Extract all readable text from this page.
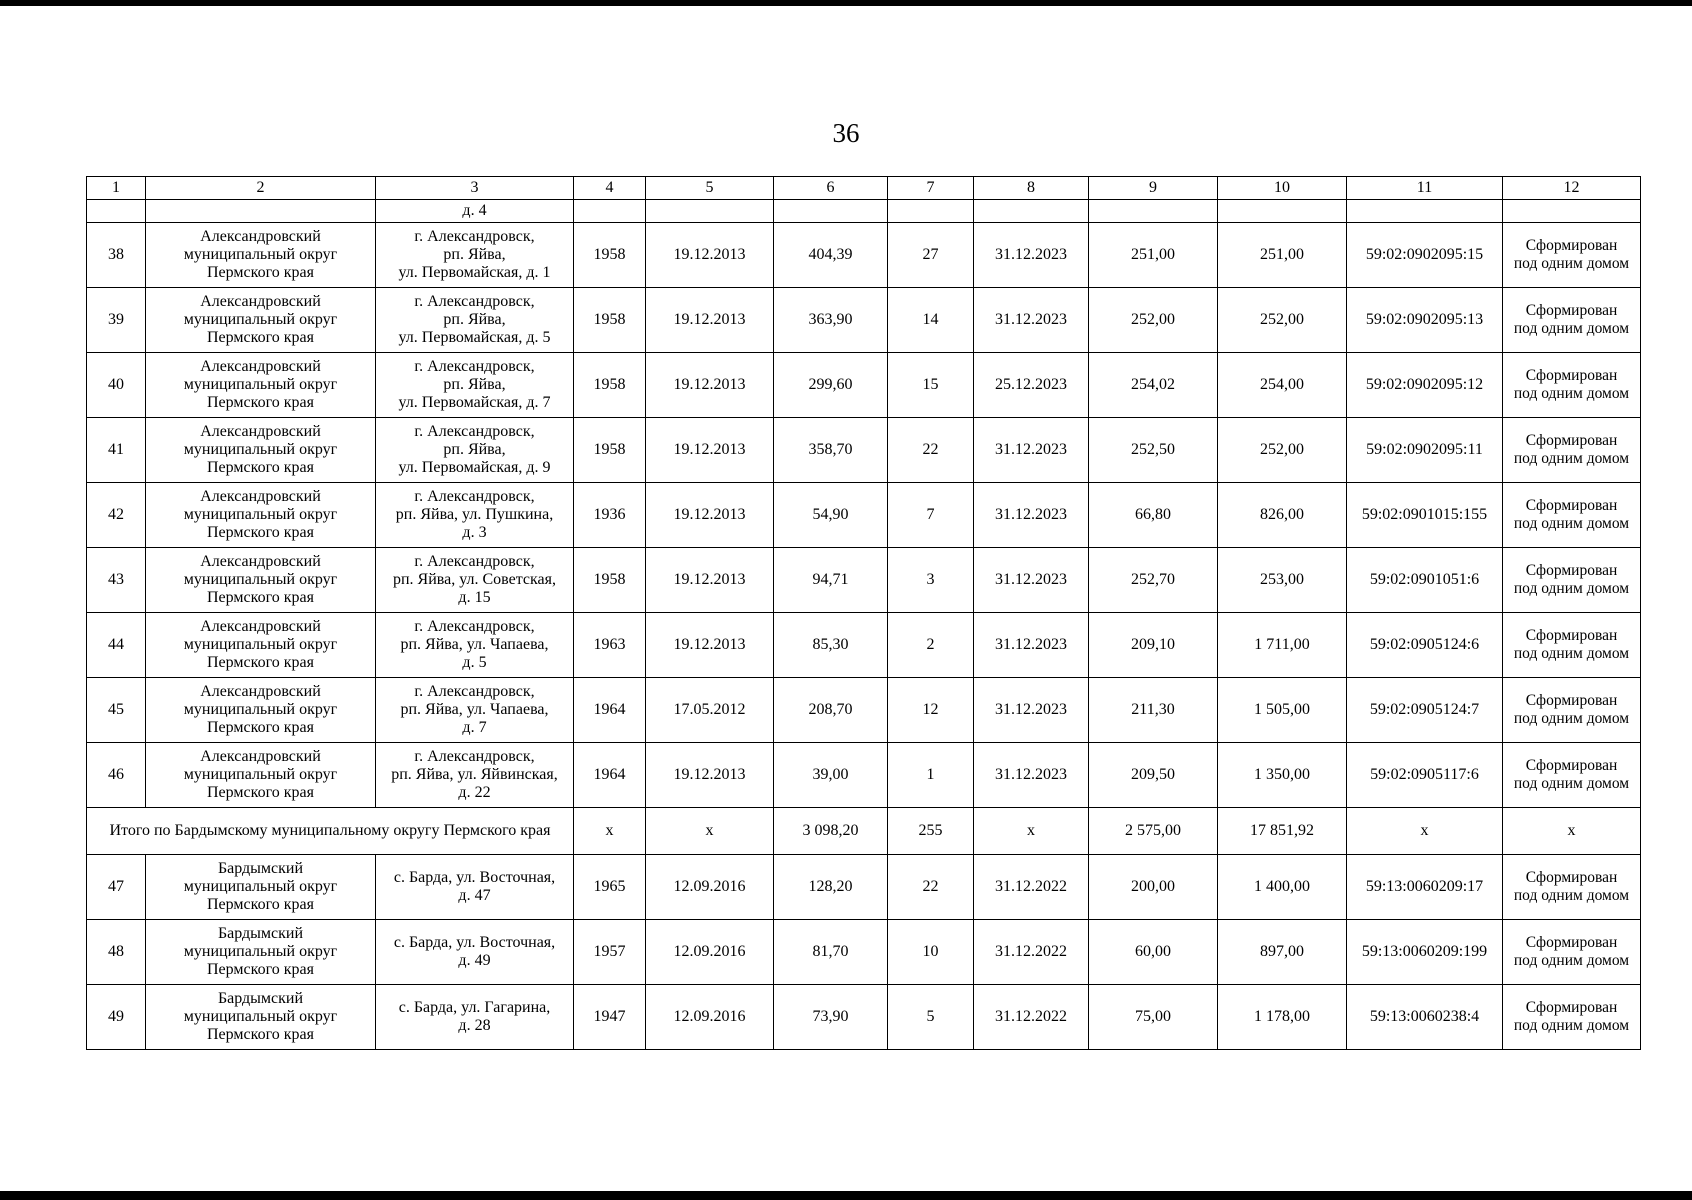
36
1	2	3	4	5	6	7	8	9	10	11	12
		д. 4									
38	Александровский
муниципальный округ
Пермского края	г. Александровск,
рп. Яйва,
ул. Первомайская, д. 1	1958	19.12.2013	404,39	27	31.12.2023	251,00	251,00	59:02:0902095:15	Сформирован
под одним домом
39	Александровский
муниципальный округ
Пермского края	г. Александровск,
рп. Яйва,
ул. Первомайская, д. 5	1958	19.12.2013	363,90	14	31.12.2023	252,00	252,00	59:02:0902095:13	Сформирован
под одним домом
40	Александровский
муниципальный округ
Пермского края	г. Александровск,
рп. Яйва,
ул. Первомайская, д. 7	1958	19.12.2013	299,60	15	25.12.2023	254,02	254,00	59:02:0902095:12	Сформирован
под одним домом
41	Александровский
муниципальный округ
Пермского края	г. Александровск,
рп. Яйва,
ул. Первомайская, д. 9	1958	19.12.2013	358,70	22	31.12.2023	252,50	252,00	59:02:0902095:11	Сформирован
под одним домом
42	Александровский
муниципальный округ
Пермского края	г. Александровск,
рп. Яйва, ул. Пушкина,
д. 3	1936	19.12.2013	54,90	7	31.12.2023	66,80	826,00	59:02:0901015:155	Сформирован
под одним домом
43	Александровский
муниципальный округ
Пермского края	г. Александровск,
рп. Яйва, ул. Советская,
д. 15	1958	19.12.2013	94,71	3	31.12.2023	252,70	253,00	59:02:0901051:6	Сформирован
под одним домом
44	Александровский
муниципальный округ
Пермского края	г. Александровск,
рп. Яйва, ул. Чапаева,
д. 5	1963	19.12.2013	85,30	2	31.12.2023	209,10	1 711,00	59:02:0905124:6	Сформирован
под одним домом
45	Александровский
муниципальный округ
Пермского края	г. Александровск,
рп. Яйва, ул. Чапаева,
д. 7	1964	17.05.2012	208,70	12	31.12.2023	211,30	1 505,00	59:02:0905124:7	Сформирован
под одним домом
46	Александровский
муниципальный округ
Пермского края	г. Александровск,
рп. Яйва, ул. Яйвинская,
д. 22	1964	19.12.2013	39,00	1	31.12.2023	209,50	1 350,00	59:02:0905117:6	Сформирован
под одним домом
Итого по Бардымскому муниципальному округу Пермского края			x	x	3 098,20	255	x	2 575,00	17 851,92	x	x
47	Бардымский
муниципальный округ
Пермского края	с. Барда, ул. Восточная,
д. 47	1965	12.09.2016	128,20	22	31.12.2022	200,00	1 400,00	59:13:0060209:17	Сформирован
под одним домом
48	Бардымский
муниципальный округ
Пермского края	с. Барда, ул. Восточная,
д. 49	1957	12.09.2016	81,70	10	31.12.2022	60,00	897,00	59:13:0060209:199	Сформирован
под одним домом
49	Бардымский
муниципальный округ
Пермского края	с. Барда, ул. Гагарина,
д. 28	1947	12.09.2016	73,90	5	31.12.2022	75,00	1 178,00	59:13:0060238:4	Сформирован
под одним домом
